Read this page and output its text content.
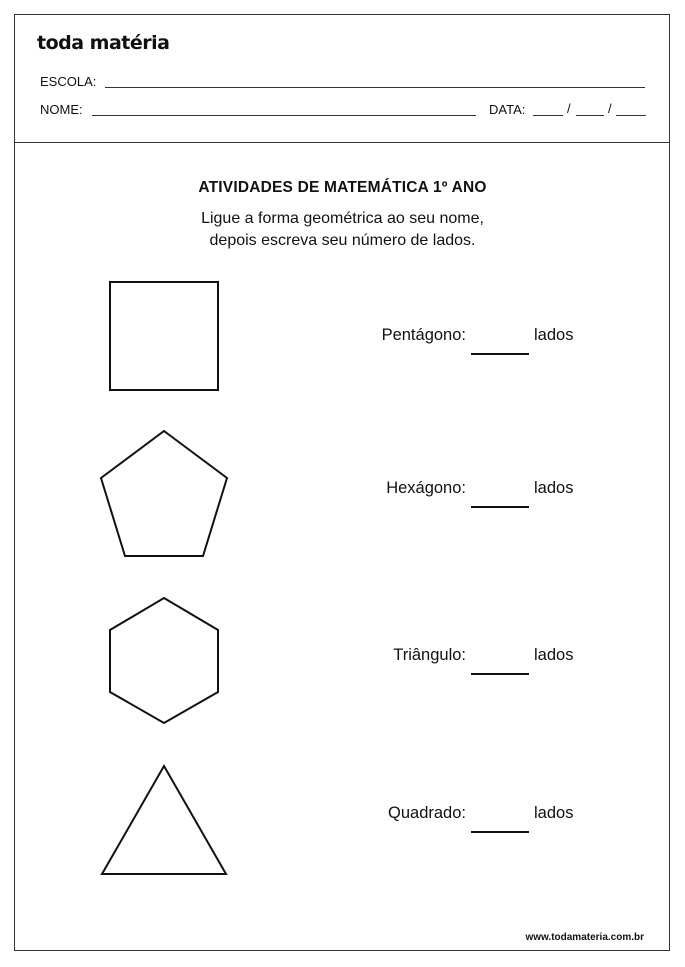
toda matéria
ESCOLA:
NOME:	DATA:	/	/
ATIVIDADES DE MATEMÁTICA 1º ANO
Ligue a forma geométrica ao seu nome,
depois escreva seu número de lados.
Pentágono:	lados
Hexágono:	lados
Triângulo:	lados
Quadrado:	lados
www.todamateria.com.br
